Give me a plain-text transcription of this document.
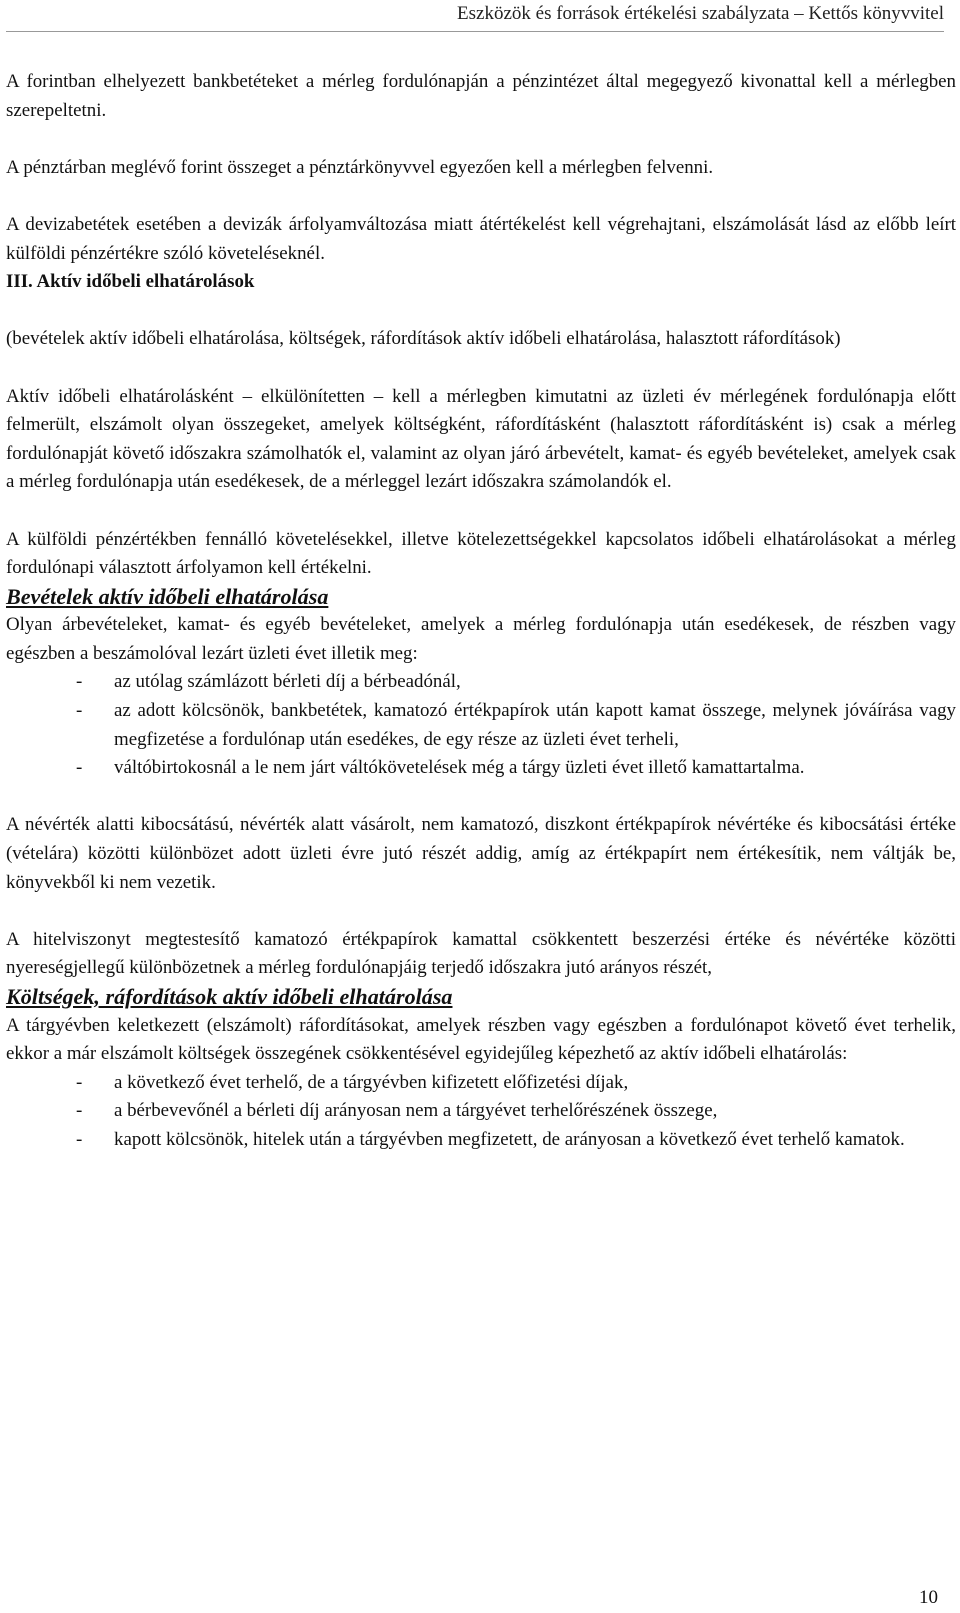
Eszközök és források értékelési szabályzata – Kettős könyvvitel

A forintban elhelyezett bankbetéteket a mérleg fordulónapján a pénzintézet által megegyező kivonattal kell a mérlegben szerepeltetni.

A pénztárban meglévő forint összeget a pénztárkönyvvel egyezően kell a mérlegben felvenni.

A devizabetétek esetében a devizák árfolyamváltozása miatt átértékelést kell végrehajtani, elszámolását lásd az előbb leírt külföldi pénzértékre szóló követeléseknél.

III. Aktív időbeli elhatárolások

(bevételek aktív időbeli elhatárolása, költségek, ráfordítások aktív időbeli elhatárolása, halasztott ráfordítások)

Aktív időbeli elhatárolásként – elkülönítetten – kell a mérlegben kimutatni az üzleti év mérlegének fordulónapja előtt felmerült, elszámolt olyan összegeket, amelyek költségként, ráfordításként (halasztott ráfordításként is) csak a mérleg fordulónapját követő időszakra számolhatók el, valamint az olyan járó árbevételt, kamat- és egyéb bevételeket, amelyek csak a mérleg fordulónapja után esedékesek, de a mérleggel lezárt időszakra számolandók el.

A külföldi pénzértékben fennálló követelésekkel, illetve kötelezettségekkel kapcsolatos időbeli elhatárolásokat a mérleg fordulónapi választott árfolyamon kell értékelni.

Bevételek aktív időbeli elhatárolása

Olyan árbevételeket, kamat- és egyéb bevételeket, amelyek a mérleg fordulónapja után esedékesek, de részben vagy egészben a beszámolóval lezárt üzleti évet illetik meg:

- az utólag számlázott bérleti díj a bérbeadónál,
- az adott kölcsönök, bankbetétek, kamatozó értékpapírok után kapott kamat összege, melynek jóváírása vagy megfizetése a fordulónap után esedékes, de egy része az üzleti évet terheli,
- váltóbirtokosnál a le nem járt váltókövetelések még a tárgy üzleti évet illető kamattartalma.

A névérték alatti kibocsátású, névérték alatt vásárolt, nem kamatozó, diszkont értékpapírok névértéke és kibocsátási értéke (vételára) közötti különbözet adott üzleti évre jutó részét addig, amíg az értékpapírt nem értékesítik, nem váltják be, könyvekből ki nem vezetik.

A hitelviszonyt megtestesítő kamatozó értékpapírok kamattal csökkentett beszerzési értéke és névértéke közötti nyereségjellegű különbözetnek a mérleg fordulónapjáig terjedő időszakra jutó arányos részét,

Költségek, ráfordítások aktív időbeli elhatárolása

A tárgyévben keletkezett (elszámolt) ráfordításokat, amelyek részben vagy egészben a fordulónapot követő évet terhelik, ekkor a már elszámolt költségek összegének csökkentésével egyidejűleg képezhető az aktív időbeli elhatárolás:

- a következő évet terhelő, de a tárgyévben kifizetett előfizetési díjak,
- a bérbevevőnél a bérleti díj arányosan nem a tárgyévet terhelőrészének összege,
- kapott kölcsönök, hitelek után a tárgyévben megfizetett, de arányosan a következő évet terhelő kamatok.
10
